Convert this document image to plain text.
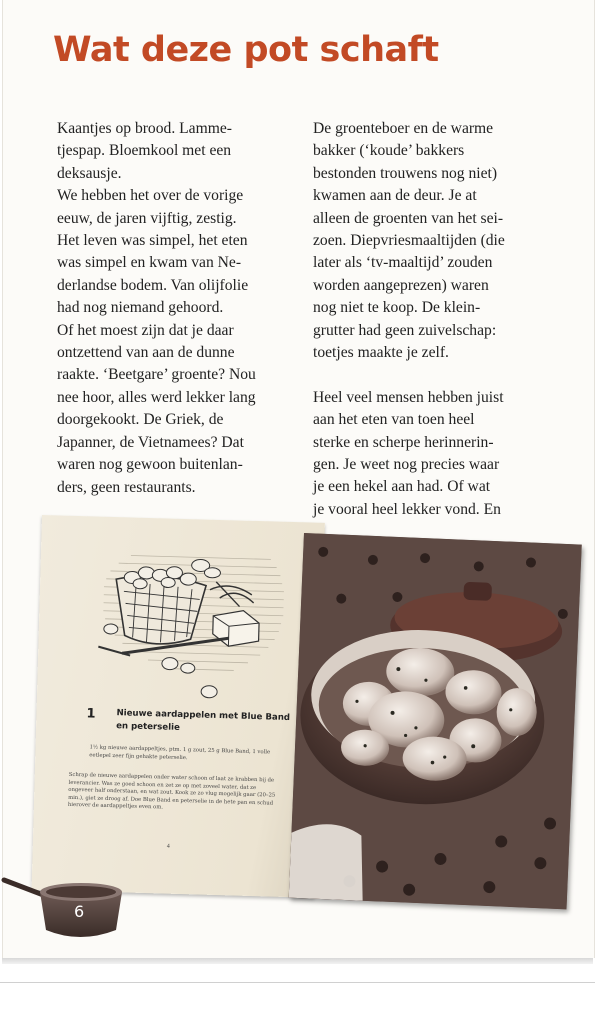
Wat deze pot schaft
Kaantjes op brood. Lamme-
tjespap. Bloemkool met een
deksausje.
We hebben het over de vorige
eeuw, de jaren vijftig, zestig.
Het leven was simpel, het eten
was simpel en kwam van Ne-
derlandse bodem. Van olijfolie
had nog niemand gehoord.
Of het moest zijn dat je daar
ontzettend van aan de dunne
raakte. ‘Beetgare’ groente? Nou
nee hoor, alles werd lekker lang
doorgekookt. De Griek, de
Japanner, de Vietnamees? Dat
waren nog gewoon buitenlan-
ders, geen restaurants.
De groenteboer en de warme
bakker (‘koude’ bakkers
bestonden trouwens nog niet)
kwamen aan de deur. Je at
alleen de groenten van het sei-
zoen. Diepvriesmaaltijden (die
later als ‘tv-maaltijd’ zouden
worden aangeprezen) waren
nog niet te koop. De klein-
grutter had geen zuivelschap:
toetjes maakte je zelf.
Heel veel mensen hebben juist
aan het eten van toen heel
sterke en scherpe herinnerin-
gen. Je weet nog precies waar
je een hekel aan had. Of wat
je vooral heel lekker vond. En
1 Nieuwe aardappelen met Blue Band en peterselie
1½ kg nieuwe aardappeltjes, ptm. 1 g zout, 25 g Blue Band, 1 volle eetlepel zeer fijn gehakte peterselie.
Schrap de nieuwe aardappelen onder water schoon of laat ze krabben bij de leverancier. Was ze goed schoon en zet ze op met zoveel water, dat ze ongeveer half onderstaan, en wat zout. Kook ze zo vlug mogelijk gaar (20–25 min.), giet ze droog af. Doe Blue Band en peterselie in de hete pan en schud hierover de aardappeltjes even om.
4
6
